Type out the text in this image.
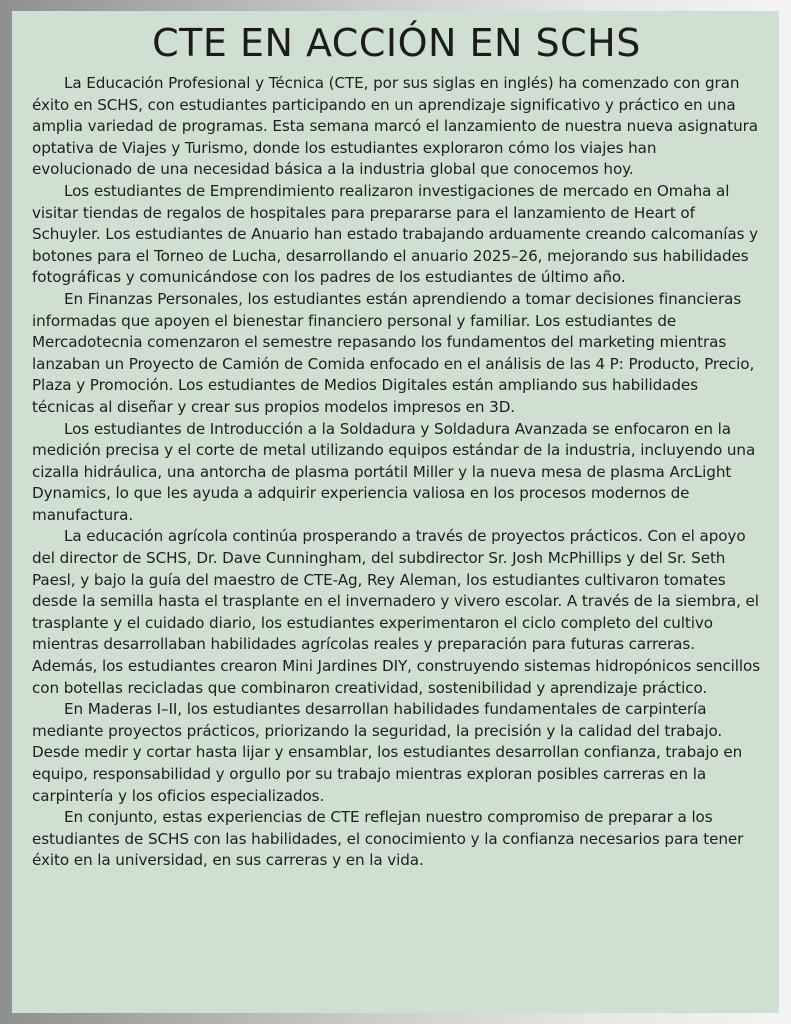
CTE EN ACCIÓN EN SCHS

La Educación Profesional y Técnica (CTE, por sus siglas en inglés) ha comenzado con gran éxito en SCHS, con estudiantes participando en un aprendizaje significativo y práctico en una amplia variedad de programas. Esta semana marcó el lanzamiento de nuestra nueva asignatura optativa de Viajes y Turismo, donde los estudiantes exploraron cómo los viajes han evolucionado de una necesidad básica a la industria global que conocemos hoy.

Los estudiantes de Emprendimiento realizaron investigaciones de mercado en Omaha al visitar tiendas de regalos de hospitales para prepararse para el lanzamiento de Heart of Schuyler. Los estudiantes de Anuario han estado trabajando arduamente creando calcomanías y botones para el Torneo de Lucha, desarrollando el anuario 2025–26, mejorando sus habilidades fotográficas y comunicándose con los padres de los estudiantes de último año.

En Finanzas Personales, los estudiantes están aprendiendo a tomar decisiones financieras informadas que apoyen el bienestar financiero personal y familiar. Los estudiantes de Mercadotecnia comenzaron el semestre repasando los fundamentos del marketing mientras lanzaban un Proyecto de Camión de Comida enfocado en el análisis de las 4 P: Producto, Precio, Plaza y Promoción. Los estudiantes de Medios Digitales están ampliando sus habilidades técnicas al diseñar y crear sus propios modelos impresos en 3D.

Los estudiantes de Introducción a la Soldadura y Soldadura Avanzada se enfocaron en la medición precisa y el corte de metal utilizando equipos estándar de la industria, incluyendo una cizalla hidráulica, una antorcha de plasma portátil Miller y la nueva mesa de plasma ArcLight Dynamics, lo que les ayuda a adquirir experiencia valiosa en los procesos modernos de manufactura.

La educación agrícola continúa prosperando a través de proyectos prácticos. Con el apoyo del director de SCHS, Dr. Dave Cunningham, del subdirector Sr. Josh McPhillips y del Sr. Seth Paesl, y bajo la guía del maestro de CTE-Ag, Rey Aleman, los estudiantes cultivaron tomates desde la semilla hasta el trasplante en el invernadero y vivero escolar. A través de la siembra, el trasplante y el cuidado diario, los estudiantes experimentaron el ciclo completo del cultivo mientras desarrollaban habilidades agrícolas reales y preparación para futuras carreras. Además, los estudiantes crearon Mini Jardines DIY, construyendo sistemas hidropónicos sencillos con botellas recicladas que combinaron creatividad, sostenibilidad y aprendizaje práctico.

En Maderas I–II, los estudiantes desarrollan habilidades fundamentales de carpintería mediante proyectos prácticos, priorizando la seguridad, la precisión y la calidad del trabajo. Desde medir y cortar hasta lijar y ensamblar, los estudiantes desarrollan confianza, trabajo en equipo, responsabilidad y orgullo por su trabajo mientras exploran posibles carreras en la carpintería y los oficios especializados.

En conjunto, estas experiencias de CTE reflejan nuestro compromiso de preparar a los estudiantes de SCHS con las habilidades, el conocimiento y la confianza necesarios para tener éxito en la universidad, en sus carreras y en la vida.
